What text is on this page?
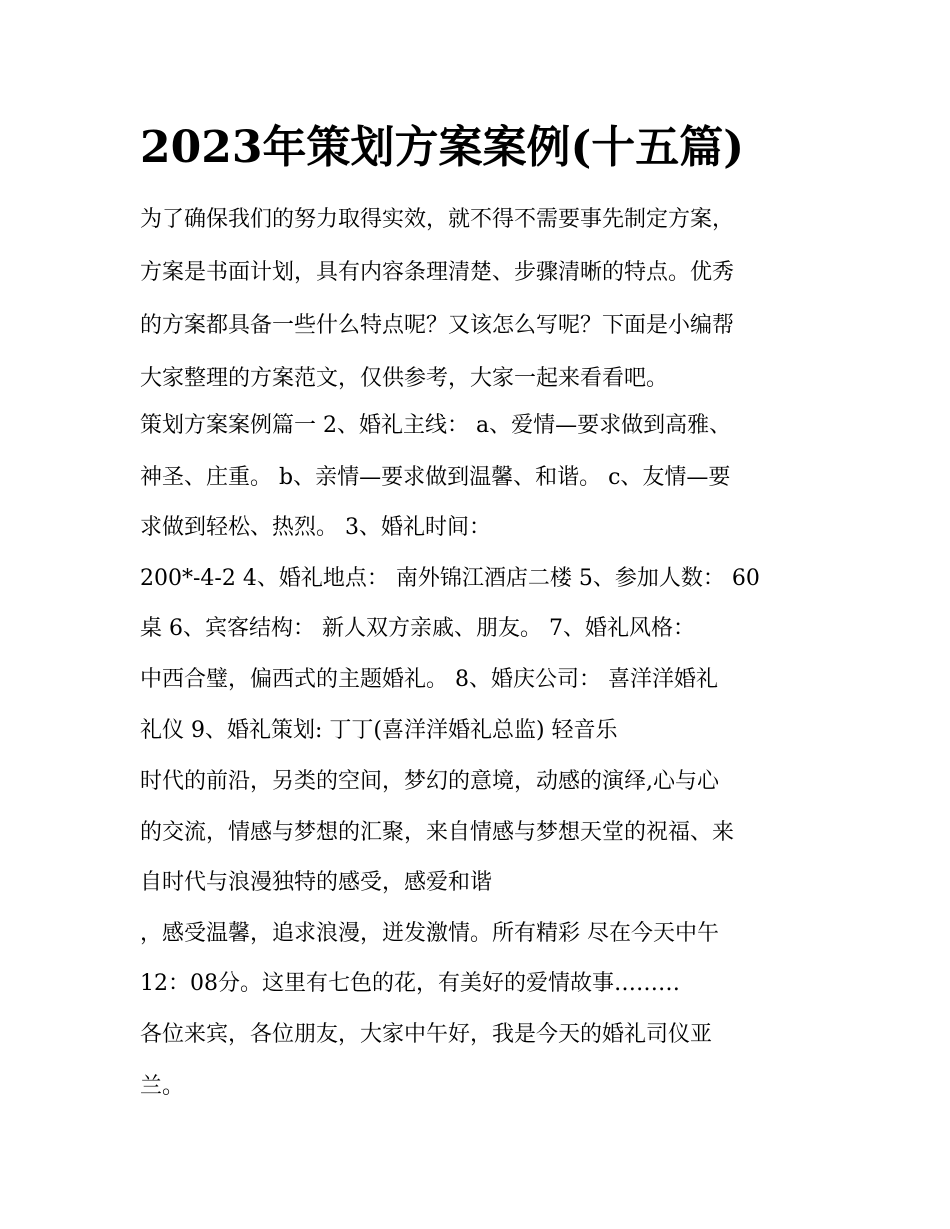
2023年策划方案案例(十五篇)

为了确保我们的努力取得实效，就不得不需要事先制定方案，

方案是书面计划，具有内容条理清楚、步骤清晰的特点。优秀

的方案都具备一些什么特点呢？又该怎么写呢？下面是小编帮

大家整理的方案范文，仅供参考，大家一起来看看吧。

策划方案案例篇一 2、婚礼主线： a、爱情—要求做到高雅、

神圣、庄重。 b、亲情—要求做到温馨、和谐。 c、友情—要

求做到轻松、热烈。 3、婚礼时间：

200*-4-2 4、婚礼地点： 南外锦江酒店二楼 5、参加人数： 60

桌 6、宾客结构： 新人双方亲戚、朋友。 7、婚礼风格：

中西合璧，偏西式的主题婚礼。 8、婚庆公司： 喜洋洋婚礼

礼仪 9、婚礼策划: 丁丁(喜洋洋婚礼总监) 轻音乐

时代的前沿，另类的空间，梦幻的意境，动感的演绎,心与心

的交流，情感与梦想的汇聚，来自情感与梦想天堂的祝福、来

自时代与浪漫独特的感受，感爱和谐

，感受温馨，追求浪漫，迸发激情。所有精彩 尽在今天中午

12：08分。这里有七色的花，有美好的爱情故事………

各位来宾，各位朋友，大家中午好，我是今天的婚礼司仪亚

兰。
